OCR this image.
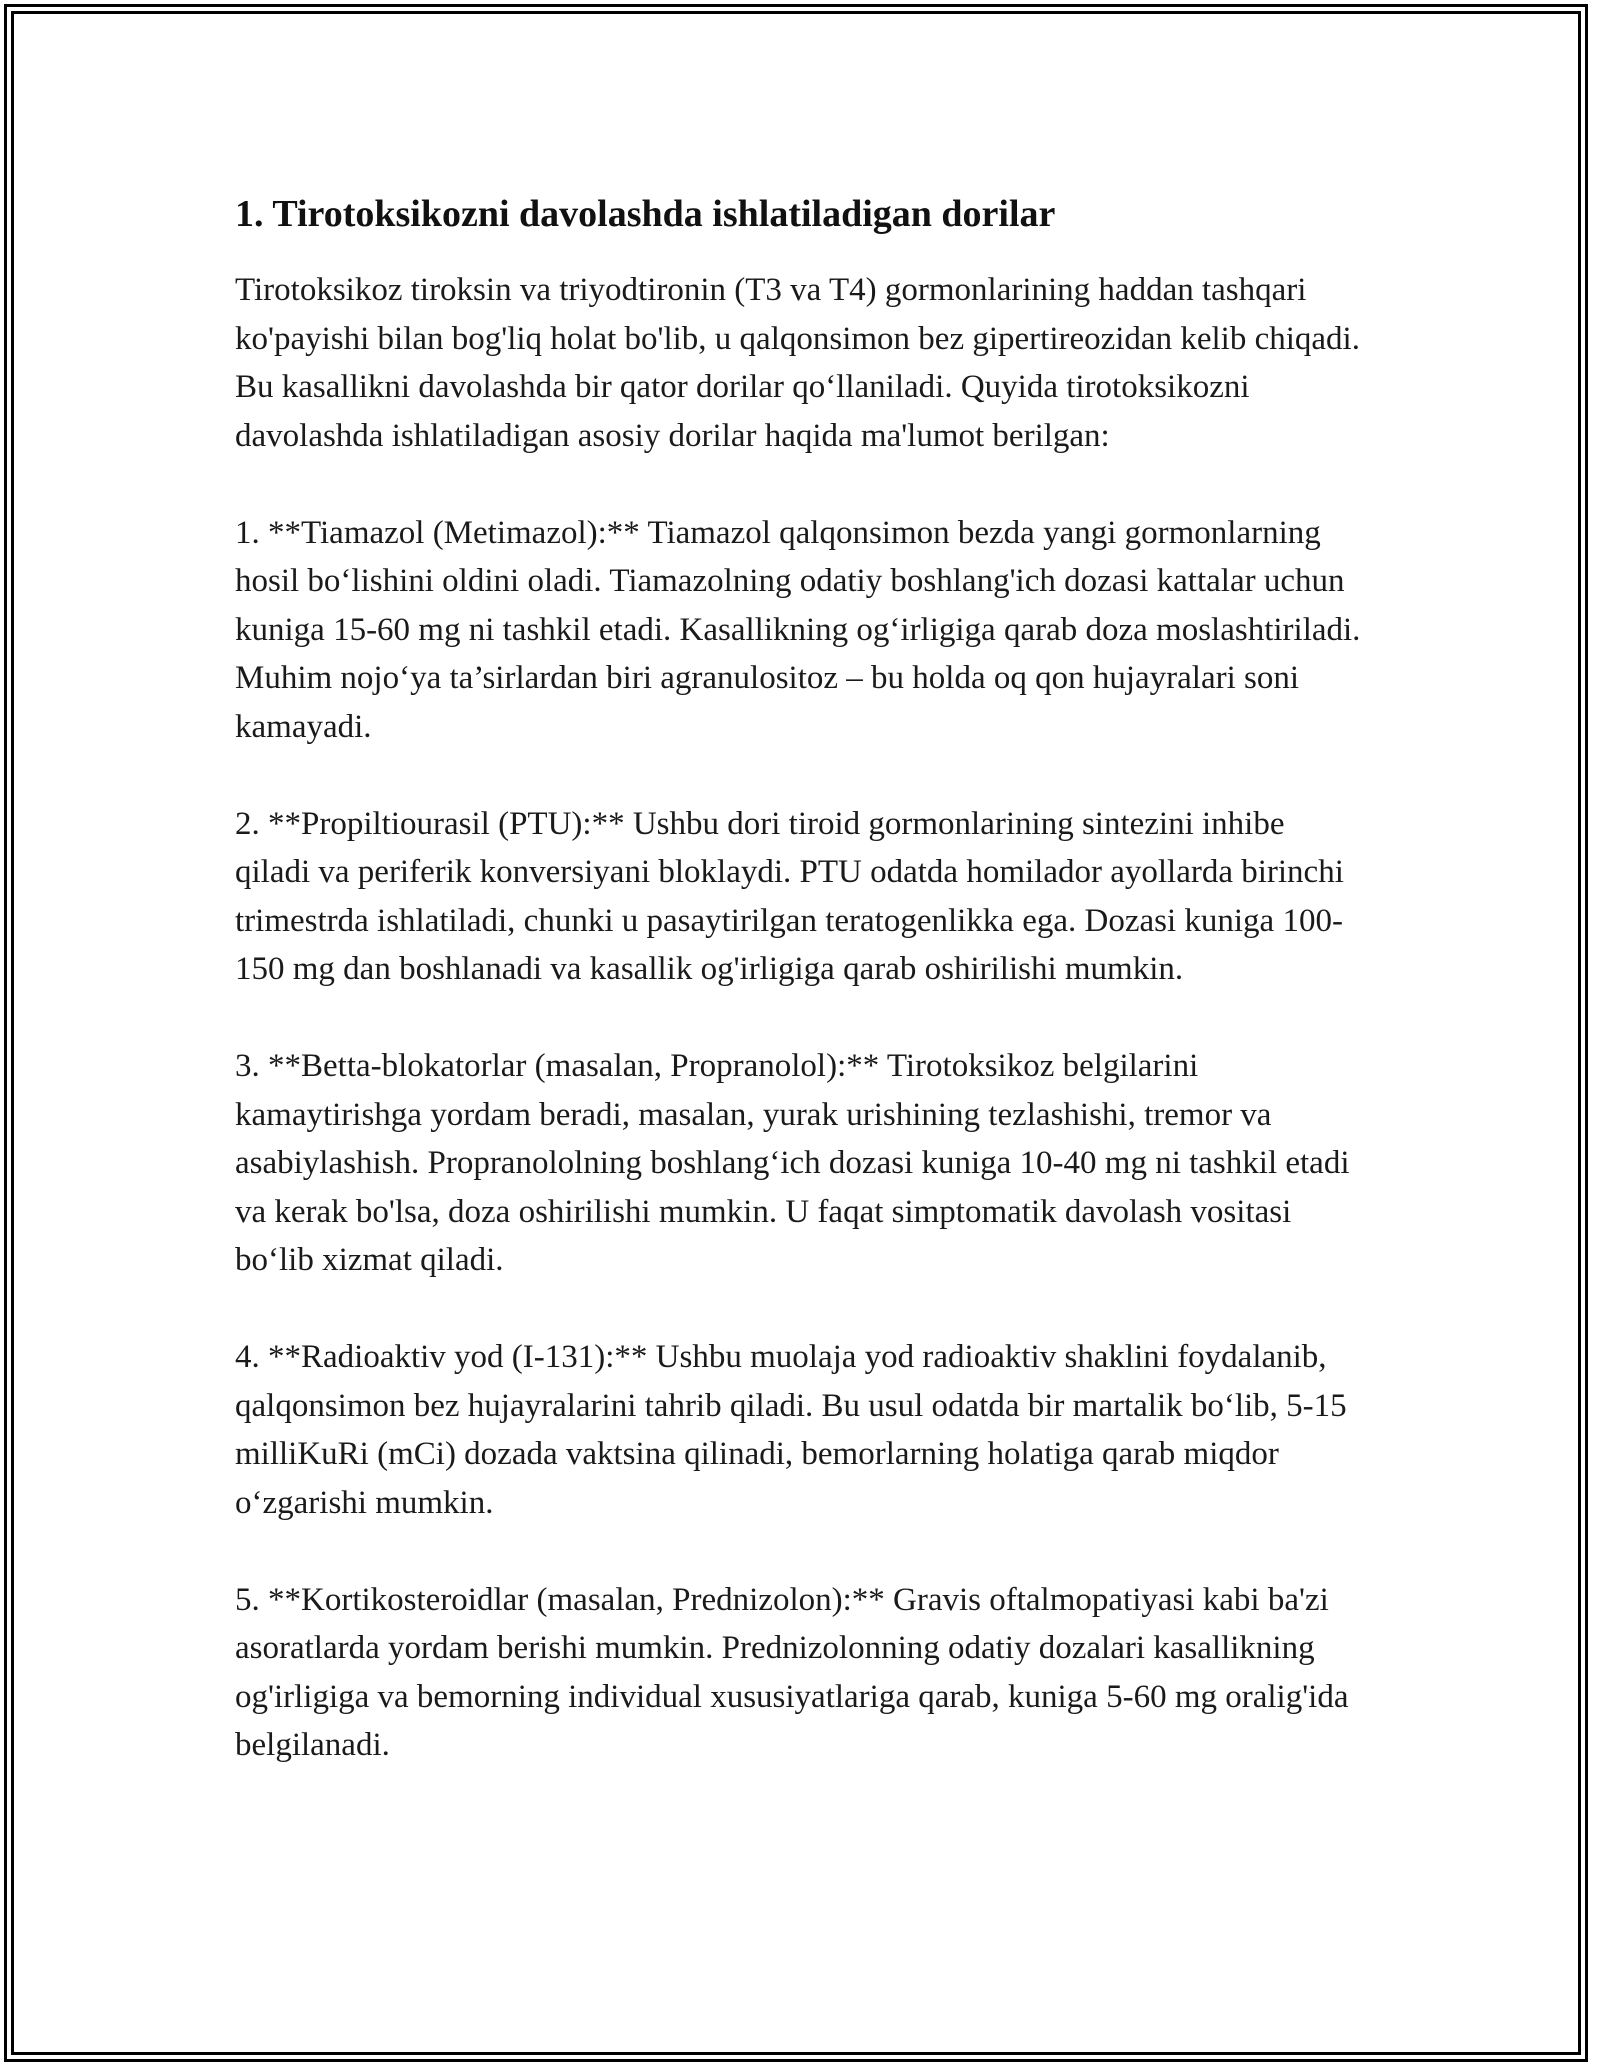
1. Tirotoksikozni davolashda ishlatiladigan dorilar

Tirotoksikoz tiroksin va triyodtironin (T3 va T4) gormonlarining haddan tashqari ko'payishi bilan bog'liq holat bo'lib, u qalqonsimon bez gipertireozidan kelib chiqadi. Bu kasallikni davolashda bir qator dorilar qo‘llaniladi. Quyida tirotoksikozni davolashda ishlatiladigan asosiy dorilar haqida ma'lumot berilgan:

1. **Tiamazol (Metimazol):** Tiamazol qalqonsimon bezda yangi gormonlarning hosil bo‘lishini oldini oladi. Tiamazolning odatiy boshlang'ich dozasi kattalar uchun kuniga 15-60 mg ni tashkil etadi. Kasallikning og‘irligiga qarab doza moslashtiriladi. Muhim nojo‘ya ta’sirlardan biri agranulositoz – bu holda oq qon hujayralari soni kamayadi.

2. **Propiltiourasil (PTU):** Ushbu dori tiroid gormonlarining sintezini inhibe qiladi va periferik konversiyani bloklaydi. PTU odatda homilador ayollarda birinchi trimestrda ishlatiladi, chunki u pasaytirilgan teratogenlikka ega. Dozasi kuniga 100-150 mg dan boshlanadi va kasallik og'irligiga qarab oshirilishi mumkin.

3. **Betta-blokatorlar (masalan, Propranolol):** Tirotoksikoz belgilarini kamaytirishga yordam beradi, masalan, yurak urishining tezlashishi, tremor va asabiylashish. Propranololning boshlang‘ich dozasi kuniga 10-40 mg ni tashkil etadi va kerak bo'lsa, doza oshirilishi mumkin. U faqat simptomatik davolash vositasi bo‘lib xizmat qiladi.

4. **Radioaktiv yod (I-131):** Ushbu muolaja yod radioaktiv shaklini foydalanib, qalqonsimon bez hujayralarini tahrib qiladi. Bu usul odatda bir martalik bo‘lib, 5-15 milliKuRi (mCi) dozada vaktsina qilinadi, bemorlarning holatiga qarab miqdor o‘zgarishi mumkin.

5. **Kortikosteroidlar (masalan, Prednizolon):** Gravis oftalmopatiyasi kabi ba'zi asoratlarda yordam berishi mumkin. Prednizolonning odatiy dozalari kasallikning og'irligiga va bemorning individual xususiyatlariga qarab, kuniga 5-60 mg oralig'ida belgilanadi.
